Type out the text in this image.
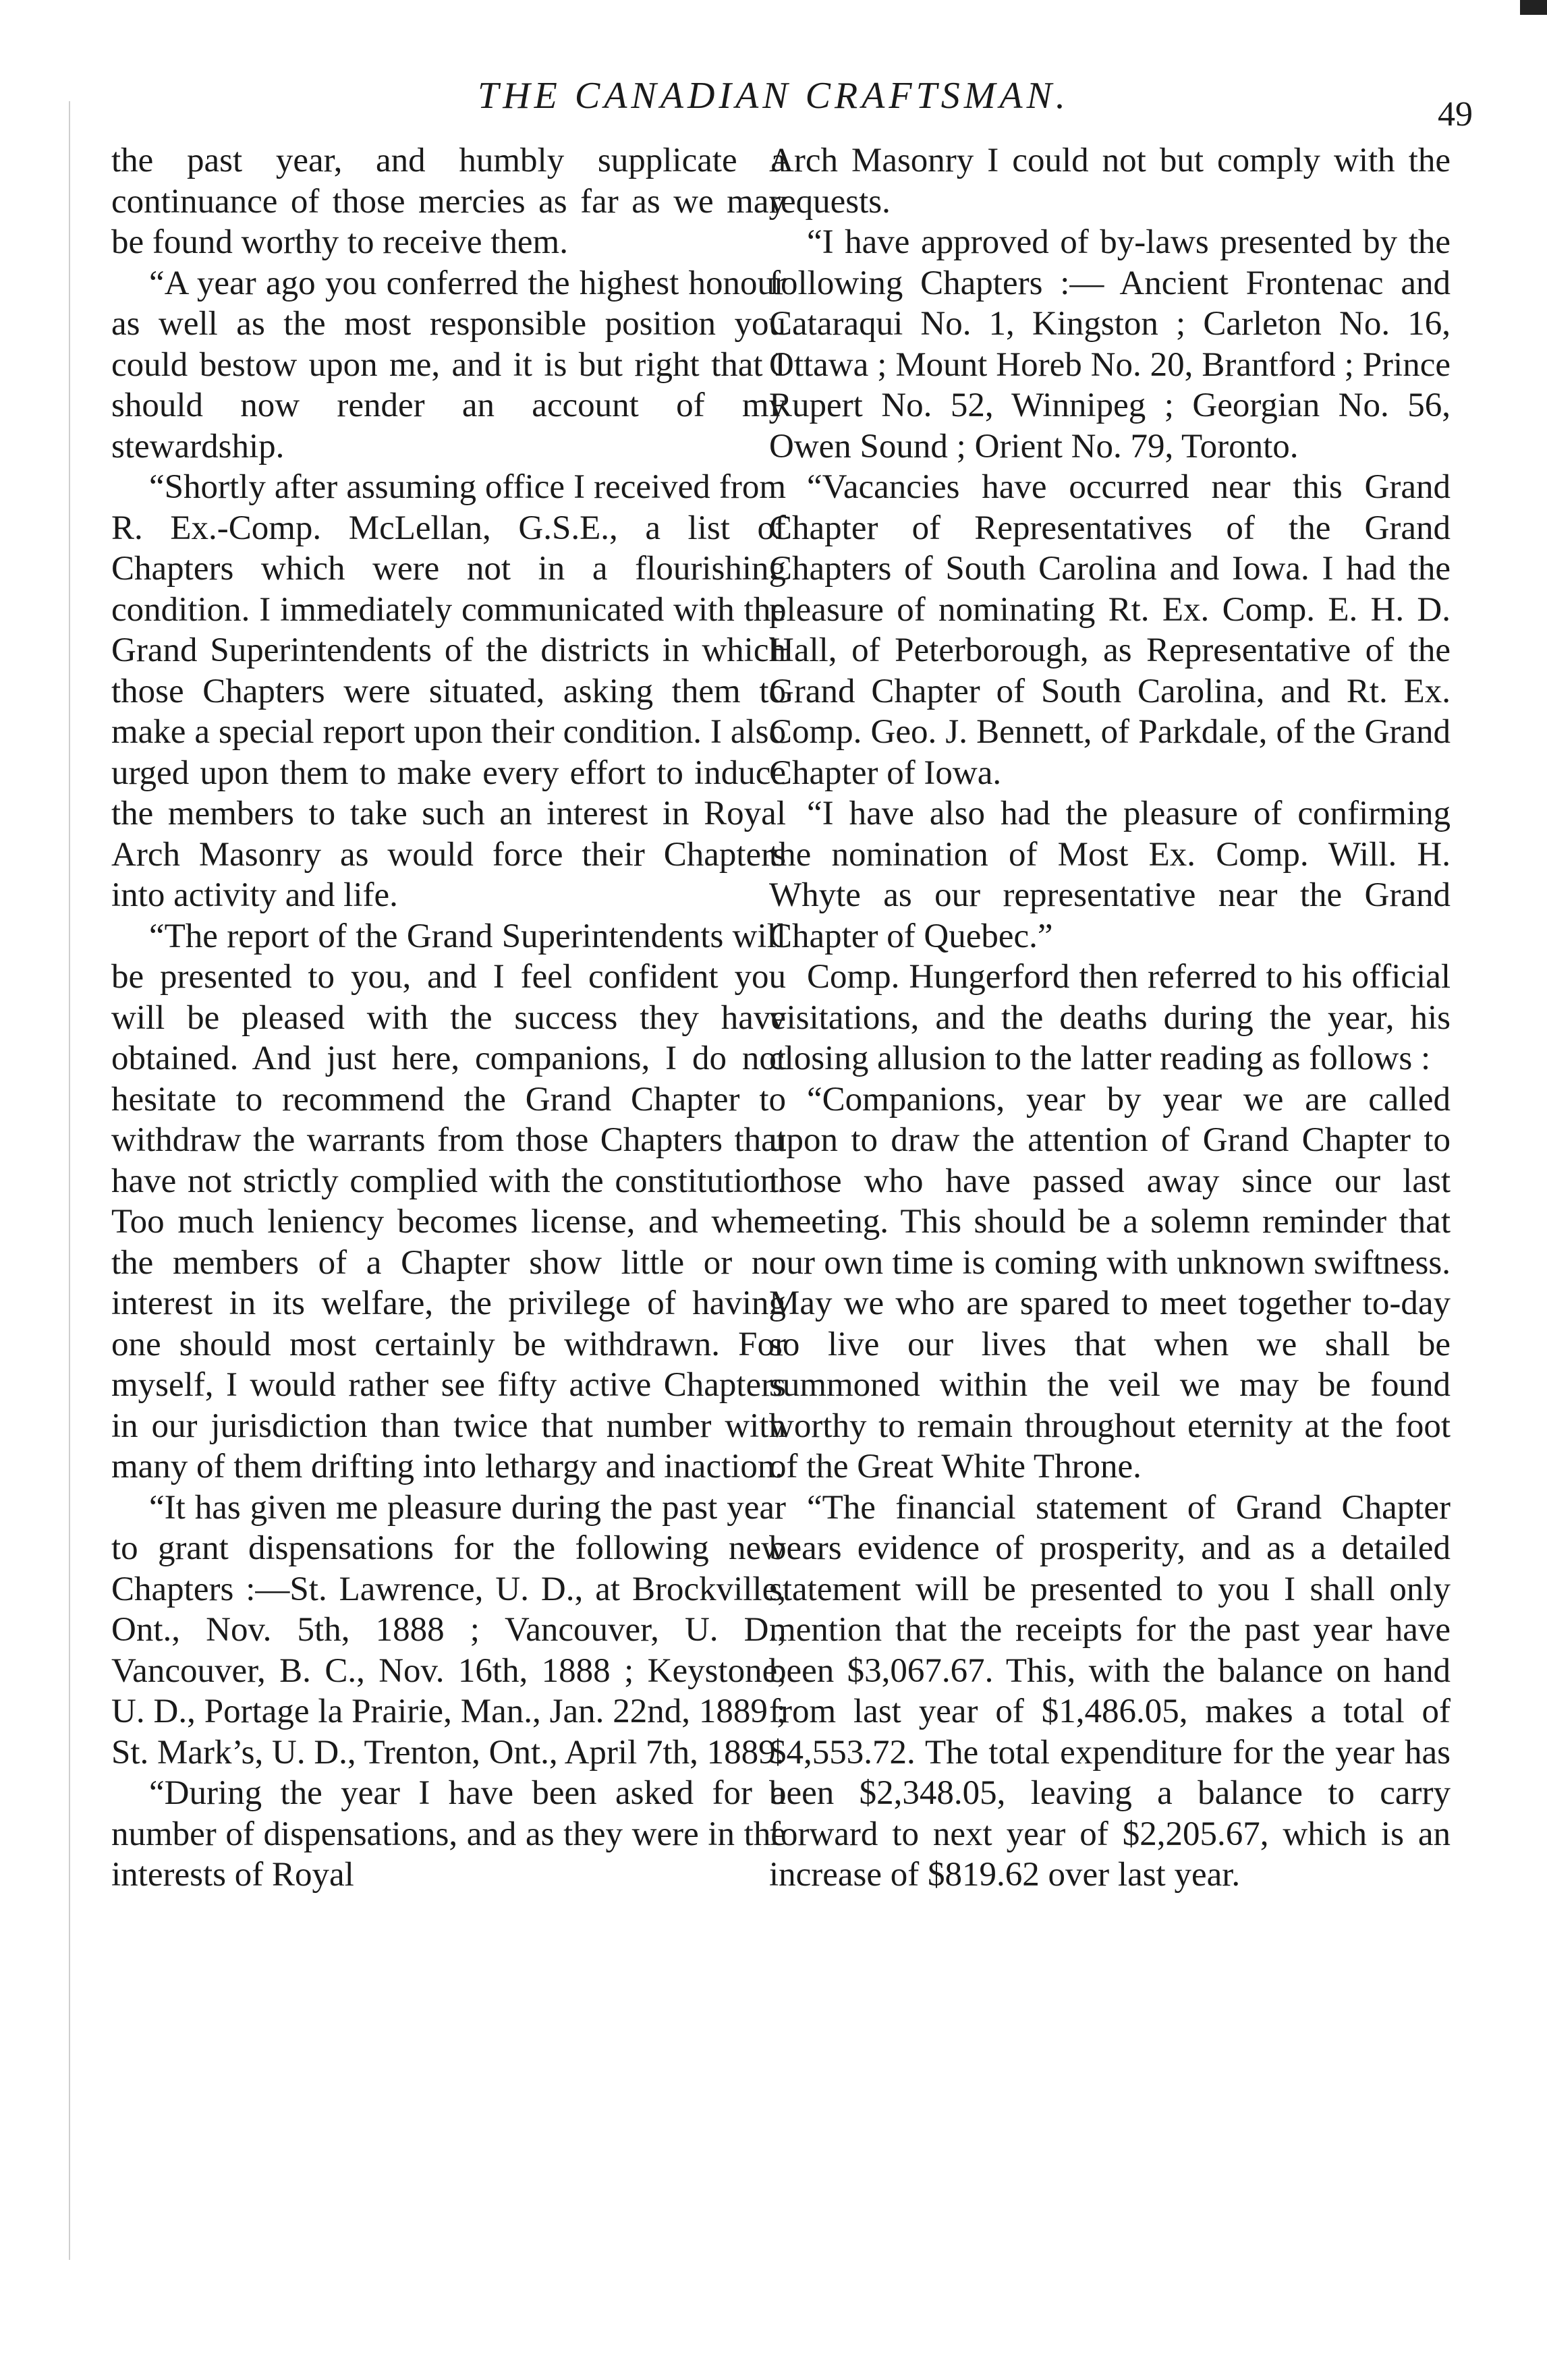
THE CANADIAN CRAFTSMAN.	49

the past year, and humbly supplicate a continuance of those mercies as far as we may be found worthy to receive them.

“A year ago you conferred the highest honour as well as the most responsible position you could bestow upon me, and it is but right that I should now render an account of my stewardship.

“Shortly after assuming office I received from R. Ex.-Comp. McLellan, G.S.E., a list of Chapters which were not in a flourishing condition. I immediately communicated with the Grand Superintendents of the districts in which those Chapters were situated, asking them to make a special report upon their condition. I also urged upon them to make every effort to induce the members to take such an interest in Royal Arch Masonry as would force their Chapters into activity and life.

“The report of the Grand Superintendents will be presented to you, and I feel confident you will be pleased with the success they have obtained. And just here, companions, I do not hesitate to recommend the Grand Chapter to withdraw the warrants from those Chapters that have not strictly complied with the constitution. Too much leniency becomes license, and when the members of a Chapter show little or no interest in its welfare, the privilege of having one should most certainly be withdrawn. For myself, I would rather see fifty active Chapters in our jurisdiction than twice that number with many of them drifting into lethargy and inaction.

“It has given me pleasure during the past year to grant dispensations for the following new Chapters :—St. Lawrence, U. D., at Brockville, Ont., Nov. 5th, 1888 ; Vancouver, U. D., Vancouver, B. C., Nov. 16th, 1888 ; Keystone, U. D., Portage la Prairie, Man., Jan. 22nd, 1889 ; St. Mark’s, U. D., Trenton, Ont., April 7th, 1889.

“During the year I have been asked for a number of dispensations, and as they were in the interests of Royal

Arch Masonry I could not but comply with the requests.

“I have approved of by-laws presented by the following Chapters :— Ancient Frontenac and Cataraqui No. 1, Kingston ; Carleton No. 16, Ottawa ; Mount Horeb No. 20, Brantford ; Prince Rupert No. 52, Winnipeg ; Georgian No. 56, Owen Sound ; Orient No. 79, Toronto.

“Vacancies have occurred near this Grand Chapter of Representatives of the Grand Chapters of South Carolina and Iowa. I had the pleasure of nominating Rt. Ex. Comp. E. H. D. Hall, of Peterborough, as Representative of the Grand Chapter of South Carolina, and Rt. Ex. Comp. Geo. J. Bennett, of Parkdale, of the Grand Chapter of Iowa.

“I have also had the pleasure of confirming the nomination of Most Ex. Comp. Will. H. Whyte as our representative near the Grand Chapter of Quebec.”

Comp. Hungerford then referred to his official visitations, and the deaths during the year, his closing allusion to the latter reading as follows :

“Companions, year by year we are called upon to draw the attention of Grand Chapter to those who have passed away since our last meeting. This should be a solemn reminder that our own time is coming with unknown swiftness. May we who are spared to meet together to-day so live our lives that when we shall be summoned within the veil we may be found worthy to remain throughout eternity at the foot of the Great White Throne.

“The financial statement of Grand Chapter bears evidence of prosperity, and as a detailed statement will be presented to you I shall only mention that the receipts for the past year have been $3,067.67. This, with the balance on hand from last year of $1,486.05, makes a total of $4,553.72. The total expenditure for the year has been $2,348.05, leaving a balance to carry forward to next year of $2,205.67, which is an increase of $819.62 over last year.
